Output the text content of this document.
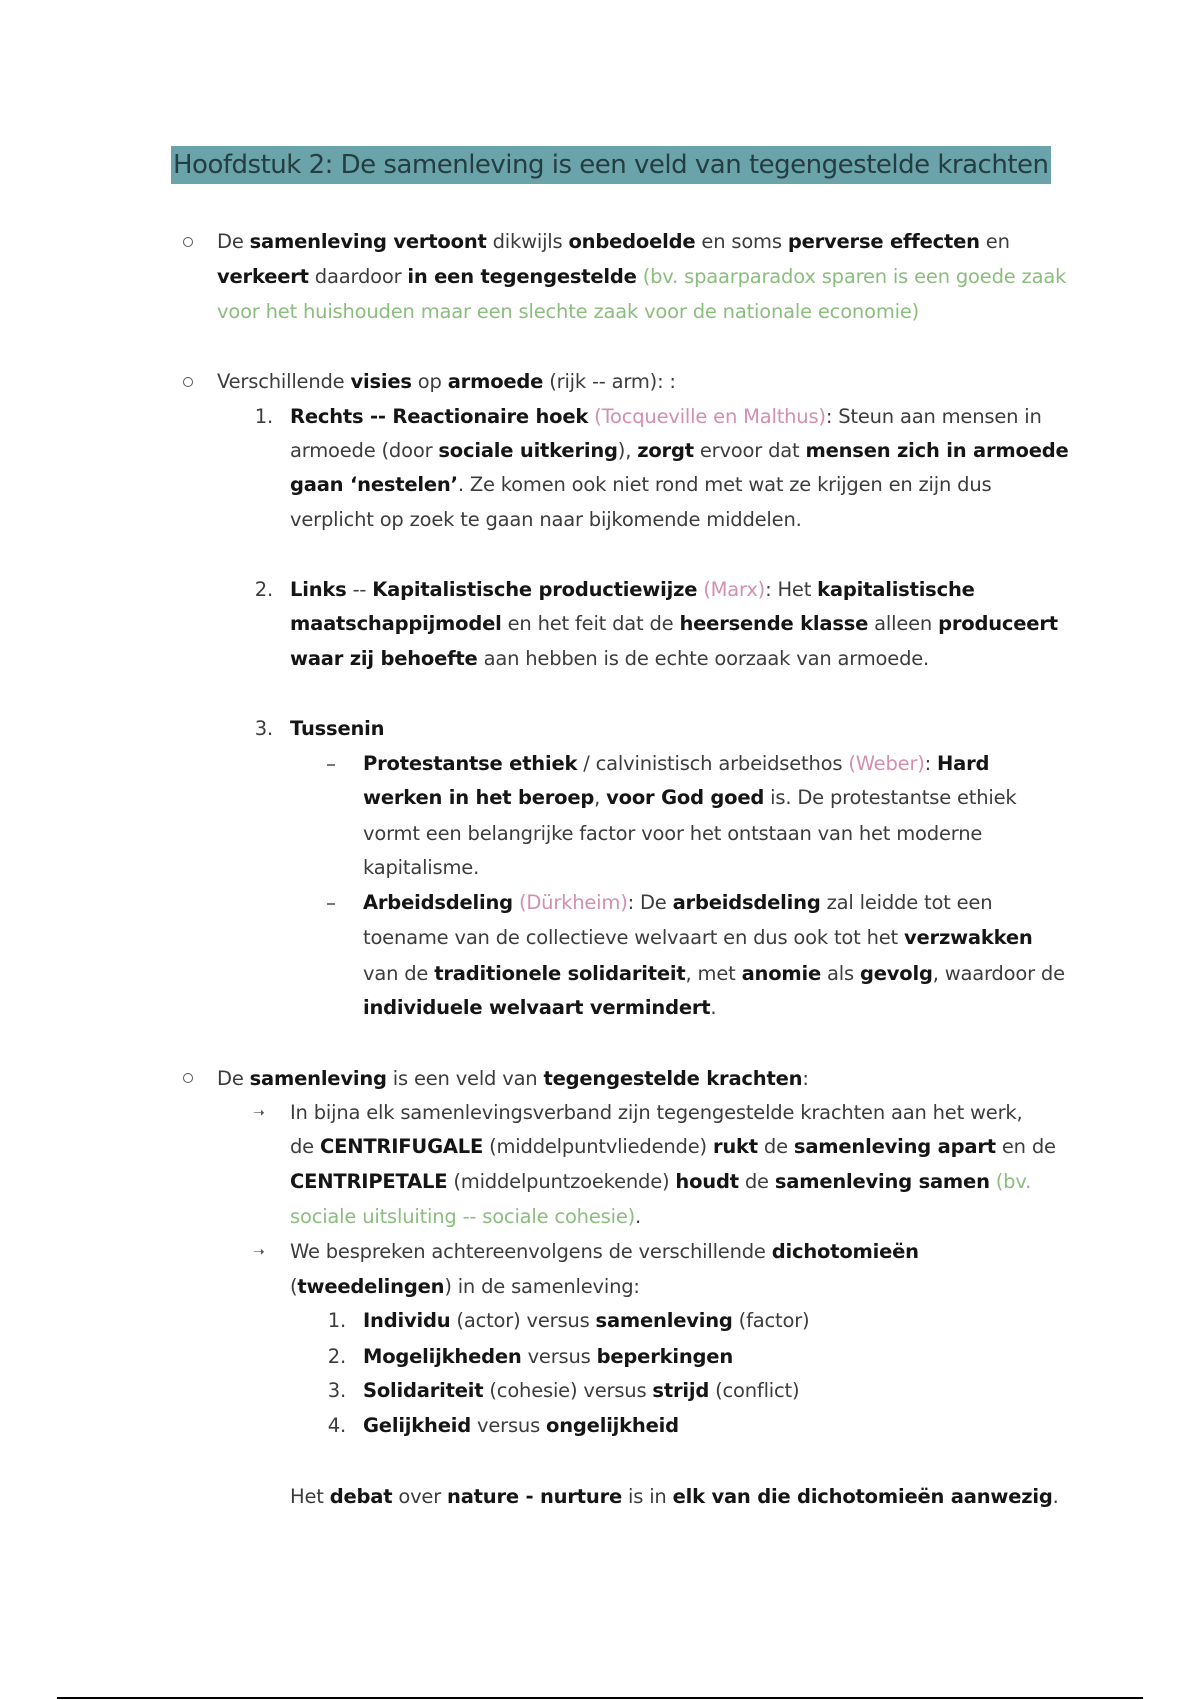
Hoofdstuk 2: De samenleving is een veld van tegengestelde krachten
De samenleving vertoont dikwijls onbedoelde en soms perverse effecten en
verkeert daardoor in een tegengestelde (bv. spaarparadox sparen is een goede zaak
voor het huishouden maar een slechte zaak voor de nationale economie)
Verschillende visies op armoede (rijk -- arm): :
1. Rechts -- Reactionaire hoek (Tocqueville en Malthus): Steun aan mensen in
armoede (door sociale uitkering), zorgt ervoor dat mensen zich in armoede
gaan ‘nestelen’. Ze komen ook niet rond met wat ze krijgen en zijn dus
verplicht op zoek te gaan naar bijkomende middelen.
2. Links -- Kapitalistische productiewijze (Marx): Het kapitalistische
maatschappijmodel en het feit dat de heersende klasse alleen produceert
waar zij behoefte aan hebben is de echte oorzaak van armoede.
3. Tussenin
Protestantse ethiek / calvinistisch arbeidsethos (Weber): Hard
werken in het beroep, voor God goed is. De protestantse ethiek
vormt een belangrijke factor voor het ontstaan van het moderne
kapitalisme.
Arbeidsdeling (Dürkheim): De arbeidsdeling zal leidde tot een
toename van de collectieve welvaart en dus ook tot het verzwakken
van de traditionele solidariteit, met anomie als gevolg, waardoor de
individuele welvaart vermindert.
De samenleving is een veld van tegengestelde krachten:
➝ In bijna elk samenlevingsverband zijn tegengestelde krachten aan het werk,
de CENTRIFUGALE (middelpuntvliedende) rukt de samenleving apart en de
CENTRIPETALE (middelpuntzoekende) houdt de samenleving samen (bv.
sociale uitsluiting -- sociale cohesie).
➝ We bespreken achtereenvolgens de verschillende dichotomieën
(tweedelingen) in de samenleving:
1. Individu (actor) versus samenleving (factor)
2. Mogelijkheden versus beperkingen
3. Solidariteit (cohesie) versus strijd (conflict)
4. Gelijkheid versus ongelijkheid
Het debat over nature - nurture is in elk van die dichotomieën aanwezig.
